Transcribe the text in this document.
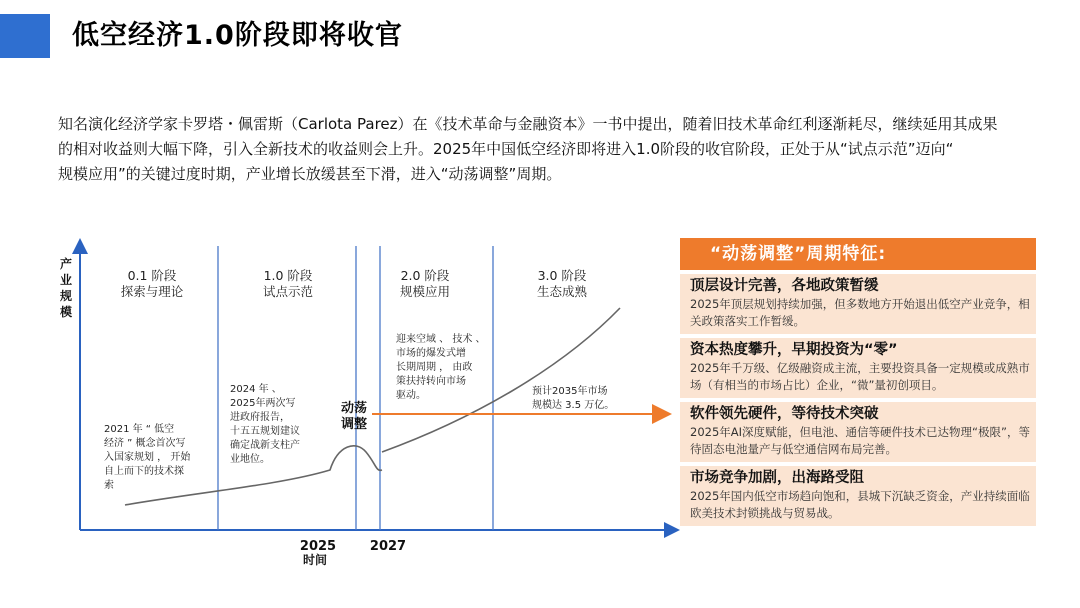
低空经济1.0阶段即将收官
知名演化经济学家卡罗塔・佩雷斯（Carlota Parez）在《技术革命与金融资本》一书中提出，随着旧技术革命红利逐渐耗尽，继续延用其成果
的相对收益则大幅下降，引入全新技术的收益则会上升。2025年中国低空经济即将进入1.0阶段的收官阶段，正处于从“试点示范”迈向“
规模应用”的关键过度时期，产业增长放缓甚至下滑，进入“动荡调整”周期。
产
业
规
模
0.1 阶段
探索与理论
1.0 阶段
试点示范
2.0 阶段
规模应用
3.0 阶段
生态成熟
2021 年 “ 低空
经济 ” 概念首次写
入国家规划 ， 开始
自上而下的技术探
索
2024 年 、
2025年两次写
进政府报告，
十五五规划建议
确定战新支柱产
业地位。
迎来空域 、 技术 、
市场的爆发式增
长期周期 ， 由政
策扶持转向市场
驱动。	预计2035年市场
规模达 3.5 万亿。
动荡
调整
2025	2027
时间
“动荡调整”周期特征:
顶层设计完善，各地政策暂缓
2025年顶层规划持续加强，但多数地方开始退出低空产业竞争，相关政策落实工作暂缓。
资本热度攀升，早期投资为“零”
2025年千万级、亿级融资成主流，主要投资具备一定规模或成熟市场（有相当的市场占比）企业，“微”量初创项目。
软件领先硬件，等待技术突破
2025年AI深度赋能，但电池、通信等硬件技术已达物理“极限”，等待固态电池量产与低空通信网布局完善。
市场竞争加剧，出海路受阻
2025年国内低空市场趋向饱和，县城下沉缺乏资金，产业持续面临欧美技术封锁挑战与贸易战。
